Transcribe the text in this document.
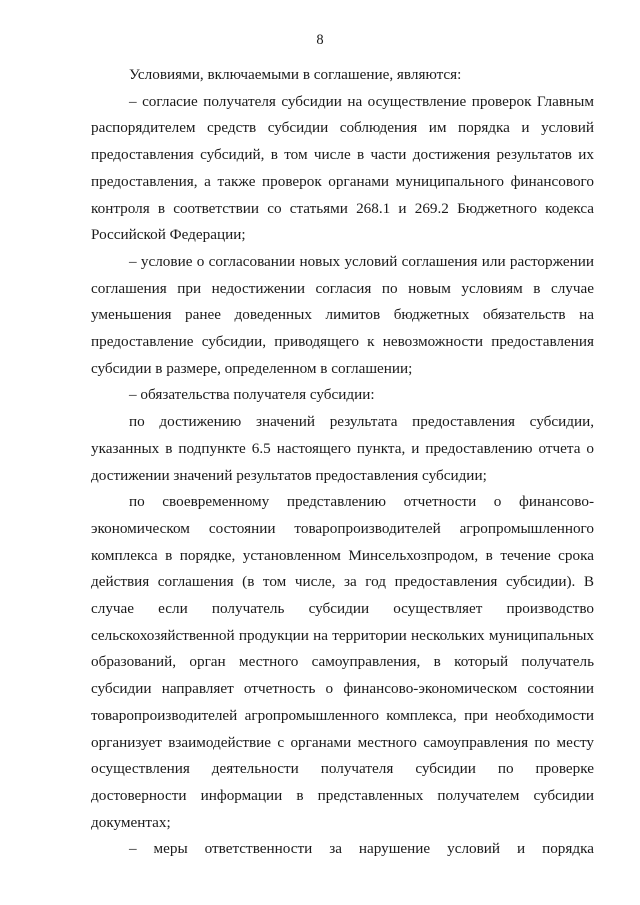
8

Условиями, включаемыми в соглашение, являются:

– согласие получателя субсидии на осуществление проверок Главным распорядителем средств субсидии соблюдения им порядка и условий предоставления субсидий, в том числе в части достижения результатов их предоставления, а также проверок органами муниципального финансового контроля в соответствии со статьями 268.1 и 269.2 Бюджетного кодекса Российской Федерации;

– условие о согласовании новых условий соглашения или расторжении соглашения при недостижении согласия по новым условиям в случае уменьшения ранее доведенных лимитов бюджетных обязательств на предоставление субсидии, приводящего к невозможности предоставления субсидии в размере, определенном в соглашении;

– обязательства получателя субсидии:

по достижению значений результата предоставления субсидии, указанных в подпункте 6.5 настоящего пункта, и предоставлению отчета о достижении значений результатов предоставления субсидии;

по своевременному представлению отчетности о финансово-экономическом состоянии товаропроизводителей агропромышленного комплекса в порядке, установленном Минсельхозпродом, в течение срока действия соглашения (в том числе, за год предоставления субсидии). В случае если получатель субсидии осуществляет производство сельскохозяйственной продукции на территории нескольких муниципальных образований, орган местного самоуправления, в который получатель субсидии направляет отчетность о финансово-экономическом состоянии товаропроизводителей агропромышленного комплекса, при необходимости организует взаимодействие с органами местного самоуправления по месту осуществления деятельности получателя субсидии по проверке достоверности информации в представленных получателем субсидии документах;

– меры ответственности за нарушение условий и порядка
